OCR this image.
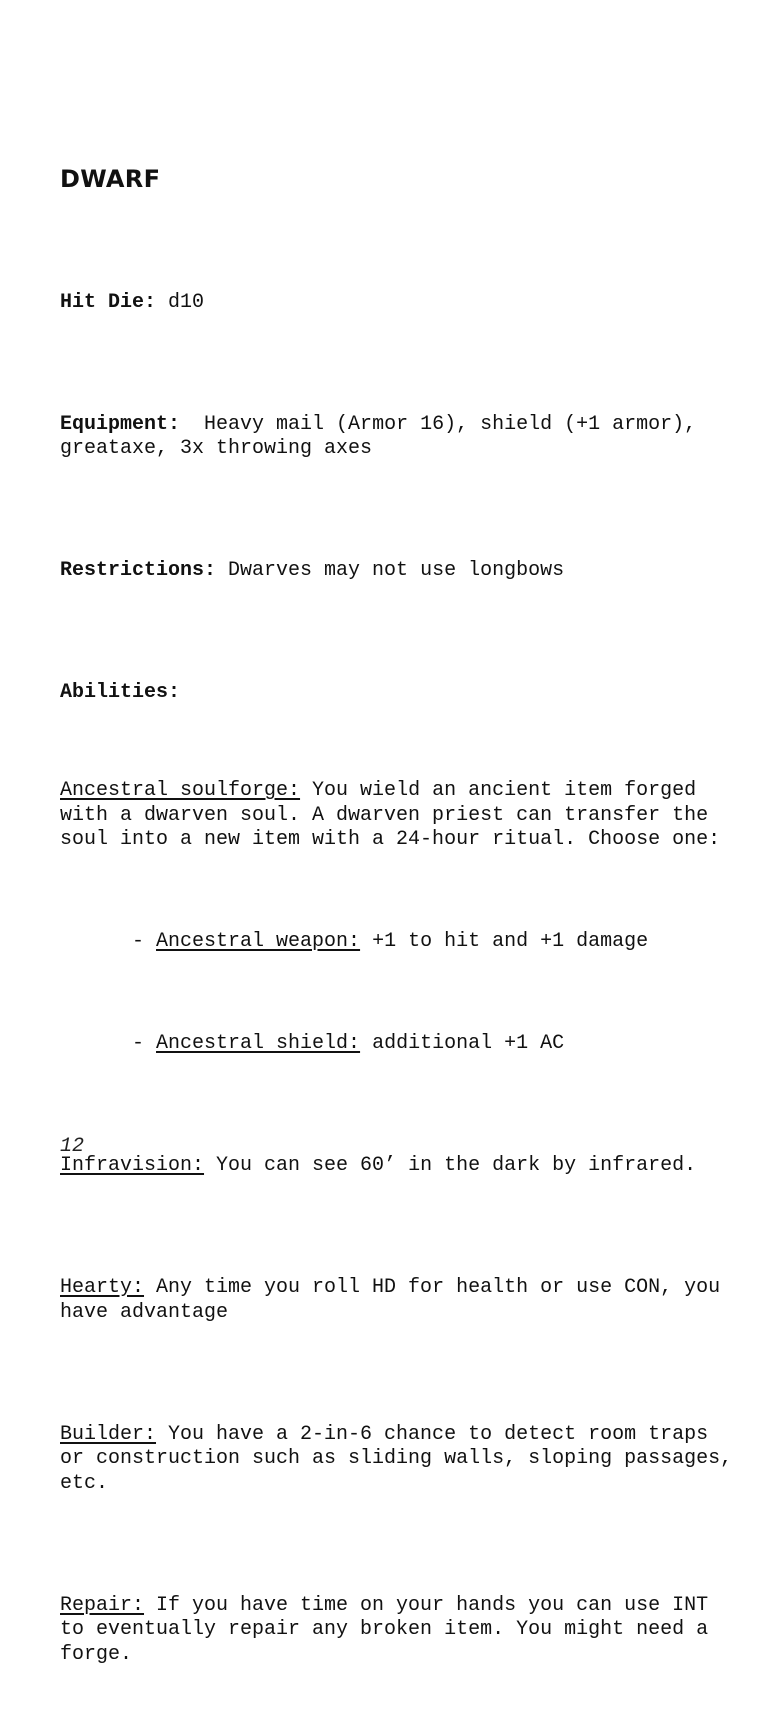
DWARF

Hit Die: d10

Equipment:  Heavy mail (Armor 16), shield (+1 armor), greataxe, 3x throwing axes

Restrictions: Dwarves may not use longbows

Abilities:

Ancestral soulforge: You wield an ancient item forged with a dwarven soul. A dwarven priest can transfer the soul into a new item with a 24-hour ritual. Choose one:

- Ancestral weapon: +1 to hit and +1 damage

- Ancestral shield: additional +1 AC

Infravision: You can see 60’ in the dark by infrared.

Hearty: Any time you roll HD for health or use CON, you have advantage

Builder: You have a 2-in-6 chance to detect room traps or construction such as sliding walls, sloping passages, etc.

Repair: If you have time on your hands you can use INT to eventually repair any broken item. You might need a forge.

12
